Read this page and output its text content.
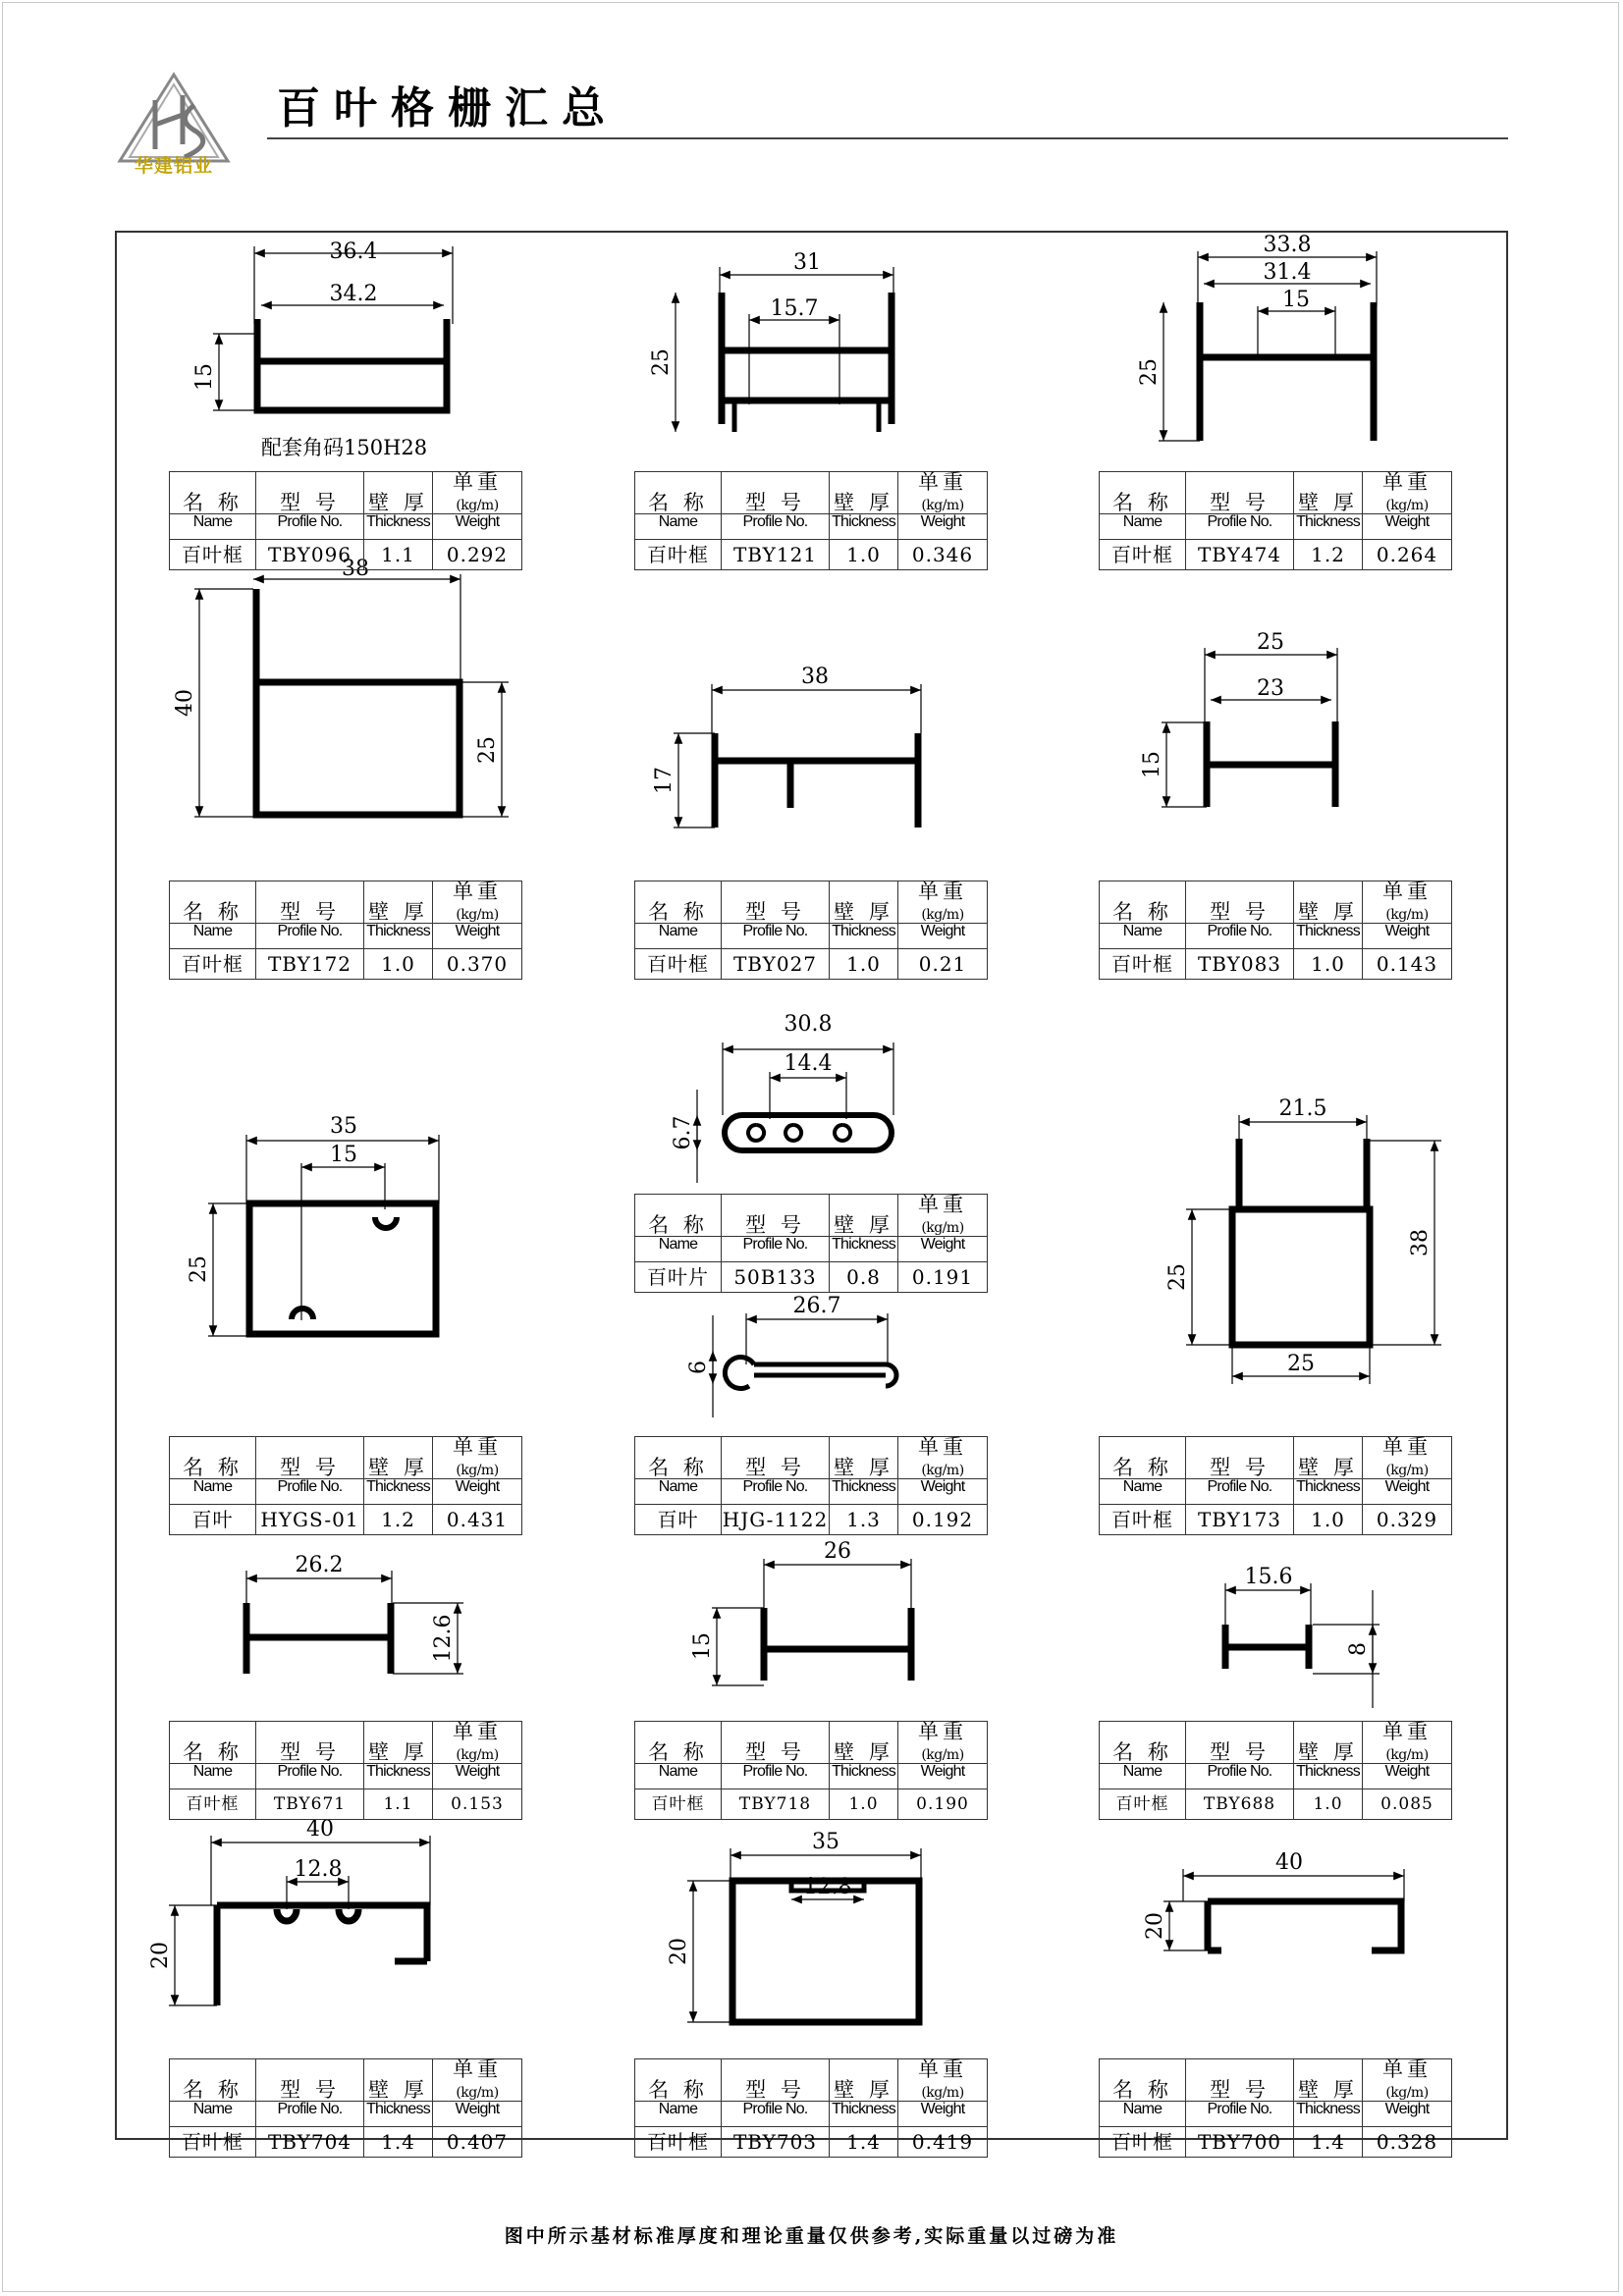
华建铝业
百叶格栅汇总
36.4
34.2
15
31
15.7
25
33.8
31.4
15
25
38
40
25
38
17
25
23
15
30.8
14.4
6.7
35
15
25
26.7
6
21.5
38
25
25
26.2
12.6
26
15
15.6
8
40
12.8
20
35
12.8
20
40
20
配套角码150H28
名 称	型 号	壁 厚	单重(kg/m)
Name	Profile No.	Thickness	Weight
百叶框	TBY096	1.1	0.292
名 称	型 号	壁 厚	单重(kg/m)
Name	Profile No.	Thickness	Weight
百叶框	TBY121	1.0	0.346
名 称	型 号	壁 厚	单重(kg/m)
Name	Profile No.	Thickness	Weight
百叶框	TBY474	1.2	0.264
名 称	型 号	壁 厚	单重(kg/m)
Name	Profile No.	Thickness	Weight
百叶框	TBY172	1.0	0.370
名 称	型 号	壁 厚	单重(kg/m)
Name	Profile No.	Thickness	Weight
百叶框	TBY027	1.0	0.21
名 称	型 号	壁 厚	单重(kg/m)
Name	Profile No.	Thickness	Weight
百叶框	TBY083	1.0	0.143
名 称	型 号	壁 厚	单重(kg/m)
Name	Profile No.	Thickness	Weight
百叶片	50B133	0.8	0.191
名 称	型 号	壁 厚	单重(kg/m)
Name	Profile No.	Thickness	Weight
百叶	HYGS-01	1.2	0.431
名 称	型 号	壁 厚	单重(kg/m)
Name	Profile No.	Thickness	Weight
百叶	HJG-1122	1.3	0.192
名 称	型 号	壁 厚	单重(kg/m)
Name	Profile No.	Thickness	Weight
百叶框	TBY173	1.0	0.329
名 称	型 号	壁 厚	单重(kg/m)
Name	Profile No.	Thickness	Weight
百叶框	TBY671	1.1	0.153
名 称	型 号	壁 厚	单重(kg/m)
Name	Profile No.	Thickness	Weight
百叶框	TBY718	1.0	0.190
名 称	型 号	壁 厚	单重(kg/m)
Name	Profile No.	Thickness	Weight
百叶框	TBY688	1.0	0.085
名 称	型 号	壁 厚	单重(kg/m)
Name	Profile No.	Thickness	Weight
百叶框	TBY704	1.4	0.407
名 称	型 号	壁 厚	单重(kg/m)
Name	Profile No.	Thickness	Weight
百叶框	TBY703	1.4	0.419
名 称	型 号	壁 厚	单重(kg/m)
Name	Profile No.	Thickness	Weight
百叶框	TBY700	1.4	0.328
图中所示基材标准厚度和理论重量仅供参考,实际重量以过磅为准
